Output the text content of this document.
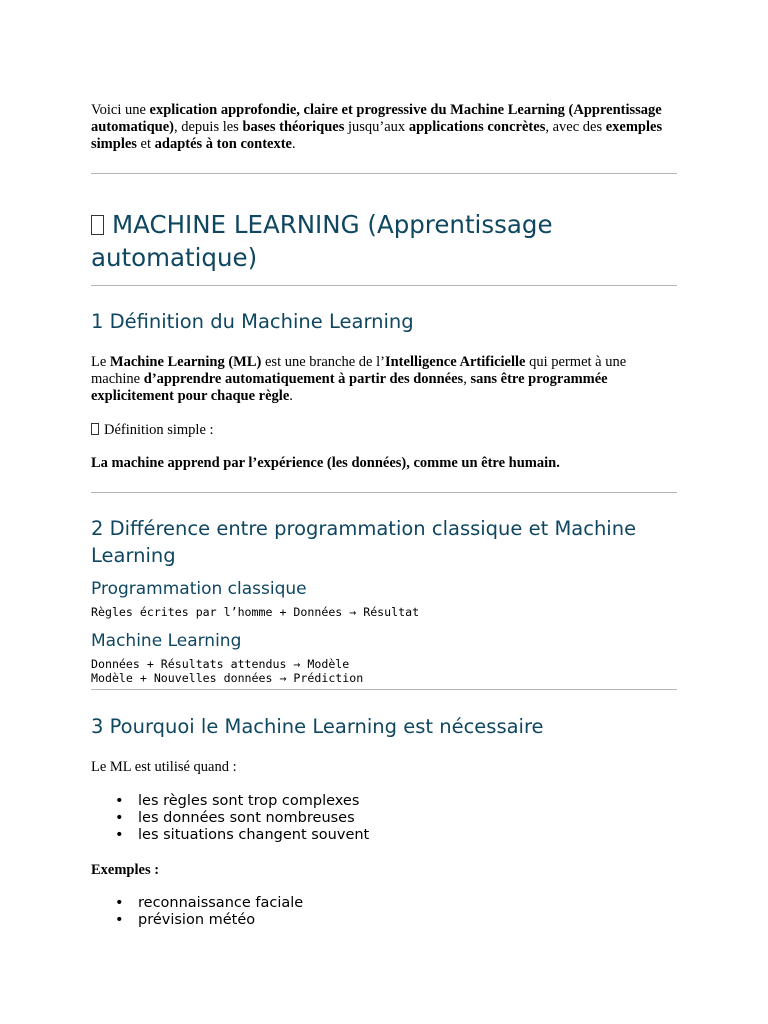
Voici une explication approfondie, claire et progressive du Machine Learning (Apprentissage automatique), depuis les bases théoriques jusqu’aux applications concrètes, avec des exemples simples et adaptés à ton contexte.

MACHINE LEARNING (Apprentissage automatique)
1 Définition du Machine Learning

Le Machine Learning (ML) est une branche de l’Intelligence Artificielle qui permet à une machine d’apprendre automatiquement à partir des données, sans être programmée explicitement pour chaque règle.

Définition simple :

La machine apprend par l’expérience (les données), comme un être humain.

2 Différence entre programmation classique et Machine Learning
Programmation classique
Règles écrites par l’homme + Données → Résultat
Machine Learning
Données + Résultats attendus → Modèle
Modèle + Nouvelles données → Prédiction
3 Pourquoi le Machine Learning est nécessaire

Le ML est utilisé quand :

• les règles sont trop complexes
• les données sont nombreuses
• les situations changent souvent

Exemples :

• reconnaissance faciale
• prévision météo
